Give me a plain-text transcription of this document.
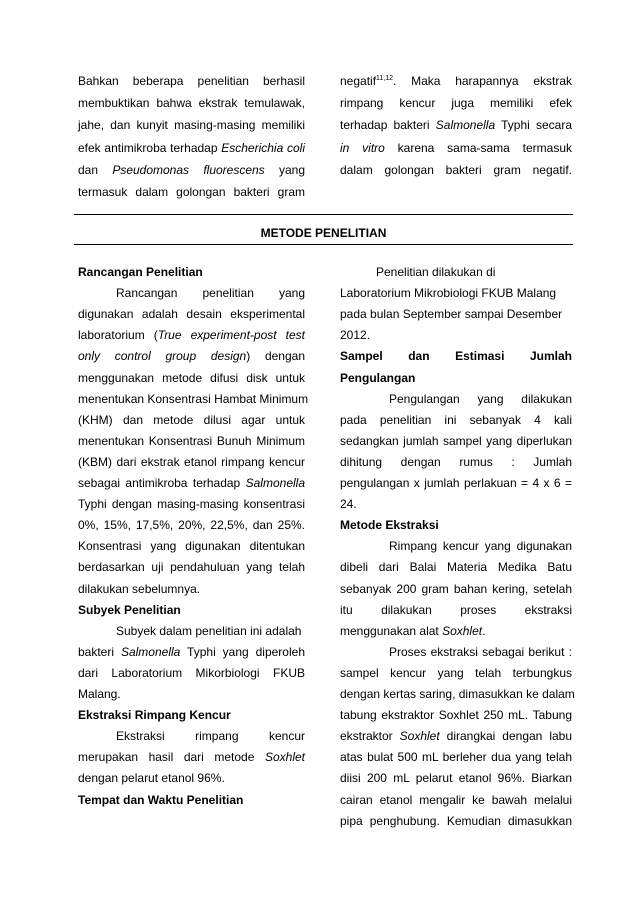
Bahkan beberapa penelitian berhasil
membuktikan bahwa ekstrak temulawak,
jahe, dan kunyit masing-masing memiliki
efek antimikroba terhadap Escherichia coli
dan Pseudomonas fluorescens yang
termasuk dalam golongan bakteri gram
negatif$^{11,12}$. Maka harapannya ekstrak
rimpang kencur juga memiliki efek
terhadap bakteri Salmonella Typhi secara
in vitro karena sama-sama termasuk
dalam golongan bakteri gram negatif.
METODE PENELITIAN
Rancangan Penelitian
Rancangan penelitian yang
digunakan adalah desain eksperimental
laboratorium (True experiment-post test
only control group design) dengan
menggunakan metode difusi disk untuk
menentukan Konsentrasi Hambat Minimum
(KHM) dan metode dilusi agar untuk
menentukan Konsentrasi Bunuh Minimum
(KBM) dari ekstrak etanol rimpang kencur
sebagai antimikroba terhadap Salmonella
Typhi dengan masing-masing konsentrasi
0%, 15%, 17,5%, 20%, 22,5%, dan 25%.
Konsentrasi yang digunakan ditentukan
berdasarkan uji pendahuluan yang telah
dilakukan sebelumnya.
Subyek Penelitian
Subyek dalam penelitian ini adalah
bakteri Salmonella Typhi yang diperoleh
dari Laboratorium Mikorbiologi FKUB
Malang.
Ekstraksi Rimpang Kencur
Ekstraksi rimpang kencur
merupakan hasil dari metode Soxhlet
dengan pelarut etanol 96%.
Tempat dan Waktu Penelitian
Penelitian dilakukan di
Laboratorium Mikrobiologi FKUB Malang
pada bulan September sampai Desember
2012.
Sampel dan Estimasi Jumlah
Pengulangan
Pengulangan yang dilakukan
pada penelitian ini sebanyak 4 kali
sedangkan jumlah sampel yang diperlukan
dihitung dengan rumus : Jumlah
pengulangan x jumlah perlakuan = 4 x 6 =
24.
Metode Ekstraksi
Rimpang kencur yang digunakan
dibeli dari Balai Materia Medika Batu
sebanyak 200 gram bahan kering, setelah
itu dilakukan proses ekstraksi
menggunakan alat Soxhlet.
Proses ekstraksi sebagai berikut :
sampel kencur yang telah terbungkus
dengan kertas saring, dimasukkan ke dalam
tabung ekstraktor Soxhlet 250 mL. Tabung
ekstraktor Soxhlet dirangkai dengan labu
atas bulat 500 mL berleher dua yang telah
diisi 200 mL pelarut etanol 96%. Biarkan
cairan etanol mengalir ke bawah melalui
pipa penghubung. Kemudian dimasukkan
